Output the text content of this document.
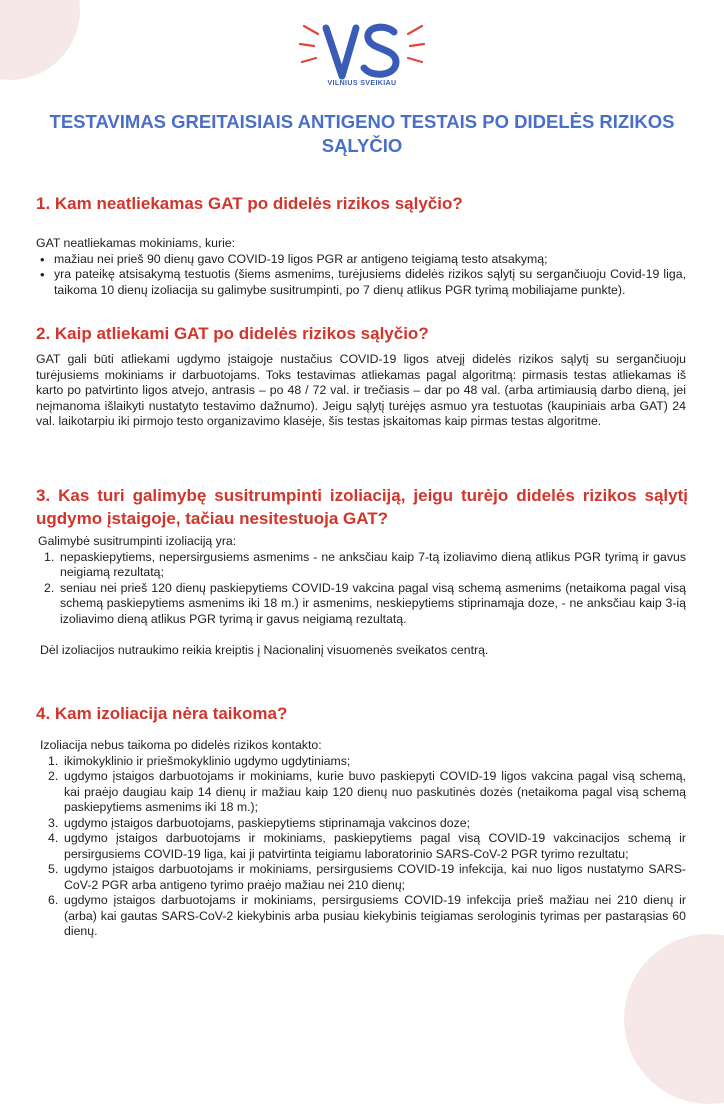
VILNIUS SVEIKIAU
TESTAVIMAS GREITAISIAIS ANTIGENO TESTAIS PO DIDELĖS RIZIKOS SĄLYČIO
1. Kam neatliekamas GAT po didelės rizikos sąlyčio?

GAT neatliekamas mokiniams, kurie:

• mažiau nei prieš 90 dienų gavo COVID-19 ligos PGR ar antigeno teigiamą testo atsakymą;
• yra pateikę atsisakymą testuotis (šiems asmenims, turėjusiems didelės rizikos sąlytį su sergančiuoju Covid-19 liga, taikoma 10 dienų izoliacija su galimybe susitrumpinti, po 7 dienų atlikus PGR tyrimą mobiliajame punkte).
2. Kaip atliekami GAT po didelės rizikos sąlyčio?

GAT gali būti atliekami ugdymo įstaigoje nustačius COVID-19 ligos atvejį didelės rizikos sąlytį su sergančiuoju turėjusiems mokiniams ir darbuotojams. Toks testavimas atliekamas pagal algoritmą: pirmasis testas atliekamas iš karto po patvirtinto ligos atvejo, antrasis – po 48 / 72 val. ir trečiasis – dar po 48 val. (arba artimiausią darbo dieną, jei neįmanoma išlaikyti nustatyto testavimo dažnumo). Jeigu sąlytį turėjęs asmuo yra testuotas (kaupiniais arba GAT) 24 val. laikotarpiu iki pirmojo testo organizavimo klasėje, šis testas įskaitomas kaip pirmas testas algoritme.

3. Kas turi galimybę susitrumpinti izoliaciją, jeigu turėjo didelės rizikos sąlytį ugdymo įstaigoje, tačiau nesitestuoja GAT?

Galimybė susitrumpinti izoliaciją yra:

1. nepaskiepytiems, nepersirgusiems asmenims - ne anksčiau kaip 7-tą izoliavimo dieną atlikus PGR tyrimą ir gavus neigiamą rezultatą;
2. seniau nei prieš 120 dienų paskiepytiems COVID-19 vakcina pagal visą schemą asmenims (netaikoma pagal visą schemą paskiepytiems asmenims iki 18 m.) ir asmenims, neskiepytiems stiprinamąja doze, - ne anksčiau kaip 3-ią izoliavimo dieną atlikus PGR tyrimą ir gavus neigiamą rezultatą.

Dėl izoliacijos nutraukimo reikia kreiptis į Nacionalinį visuomenės sveikatos centrą.

4. Kam izoliacija nėra taikoma?

Izoliacija nebus taikoma po didelės rizikos kontakto:

1. ikimokyklinio ir priešmokyklinio ugdymo ugdytiniams;
2. ugdymo įstaigos darbuotojams ir mokiniams, kurie buvo paskiepyti COVID-19 ligos vakcina pagal visą schemą, kai praėjo daugiau kaip 14 dienų ir mažiau kaip 120 dienų nuo paskutinės dozės (netaikoma pagal visą schemą paskiepytiems asmenims iki 18 m.);
3. ugdymo įstaigos darbuotojams, paskiepytiems stiprinamąja vakcinos doze;
4. ugdymo įstaigos darbuotojams ir mokiniams, paskiepytiems pagal visą COVID-19 vakcinacijos schemą ir persirgusiems COVID-19 liga, kai ji patvirtinta teigiamu laboratorinio SARS-CoV-2 PGR tyrimo rezultatu;
5. ugdymo įstaigos darbuotojams ir mokiniams, persirgusiems COVID-19 infekcija, kai nuo ligos nustatymo SARS-CoV-2 PGR arba antigeno tyrimo praėjo mažiau nei 210 dienų;
6. ugdymo įstaigos darbuotojams ir mokiniams, persirgusiems COVID-19 infekcija prieš mažiau nei 210 dienų ir (arba) kai gautas SARS-CoV-2 kiekybinis arba pusiau kiekybinis teigiamas serologinis tyrimas per pastarąsias 60 dienų.
